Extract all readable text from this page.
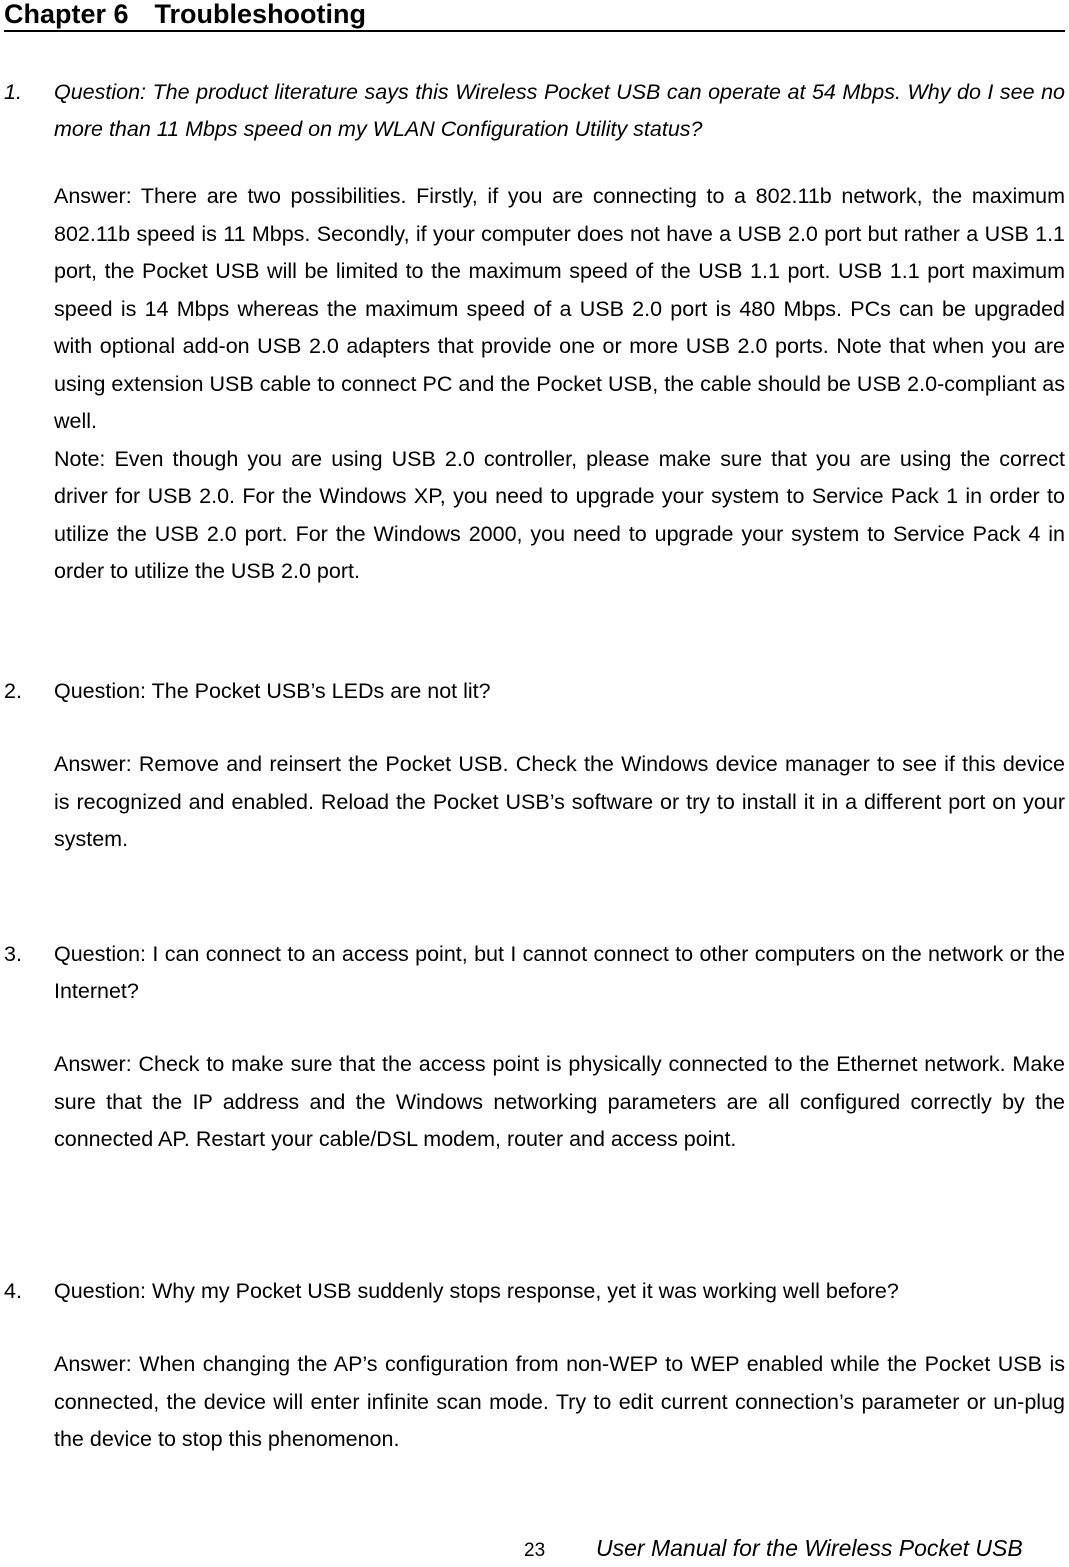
Chapter 6 Troubleshooting
1. Question: The product literature says this Wireless Pocket USB can operate at 54 Mbps. Why do I see no more than 11 Mbps speed on my WLAN Configuration Utility status?
Answer: There are two possibilities. Firstly, if you are connecting to a 802.11b network, the maximum 802.11b speed is 11 Mbps. Secondly, if your computer does not have a USB 2.0 port but rather a USB 1.1 port, the Pocket USB will be limited to the maximum speed of the USB 1.1 port. USB 1.1 port maximum speed is 14 Mbps whereas the maximum speed of a USB 2.0 port is 480 Mbps. PCs can be upgraded with optional add-on USB 2.0 adapters that provide one or more USB 2.0 ports. Note that when you are using extension USB cable to connect PC and the Pocket USB, the cable should be USB 2.0-compliant as well.
Note: Even though you are using USB 2.0 controller, please make sure that you are using the correct driver for USB 2.0. For the Windows XP, you need to upgrade your system to Service Pack 1 in order to utilize the USB 2.0 port. For the Windows 2000, you need to upgrade your system to Service Pack 4 in order to utilize the USB 2.0 port.
2. Question: The Pocket USB’s LEDs are not lit?
Answer: Remove and reinsert the Pocket USB. Check the Windows device manager to see if this device is recognized and enabled. Reload the Pocket USB’s software or try to install it in a different port on your system.
3. Question: I can connect to an access point, but I cannot connect to other computers on the network or the Internet?
Answer: Check to make sure that the access point is physically connected to the Ethernet network. Make sure that the IP address and the Windows networking parameters are all configured correctly by the connected AP. Restart your cable/DSL modem, router and access point.
4. Question: Why my Pocket USB suddenly stops response, yet it was working well before?
Answer: When changing the AP’s configuration from non-WEP to WEP enabled while the Pocket USB is connected, the device will enter infinite scan mode. Try to edit current connection’s parameter or un-plug the device to stop this phenomenon.
23 User Manual for the Wireless Pocket USB
